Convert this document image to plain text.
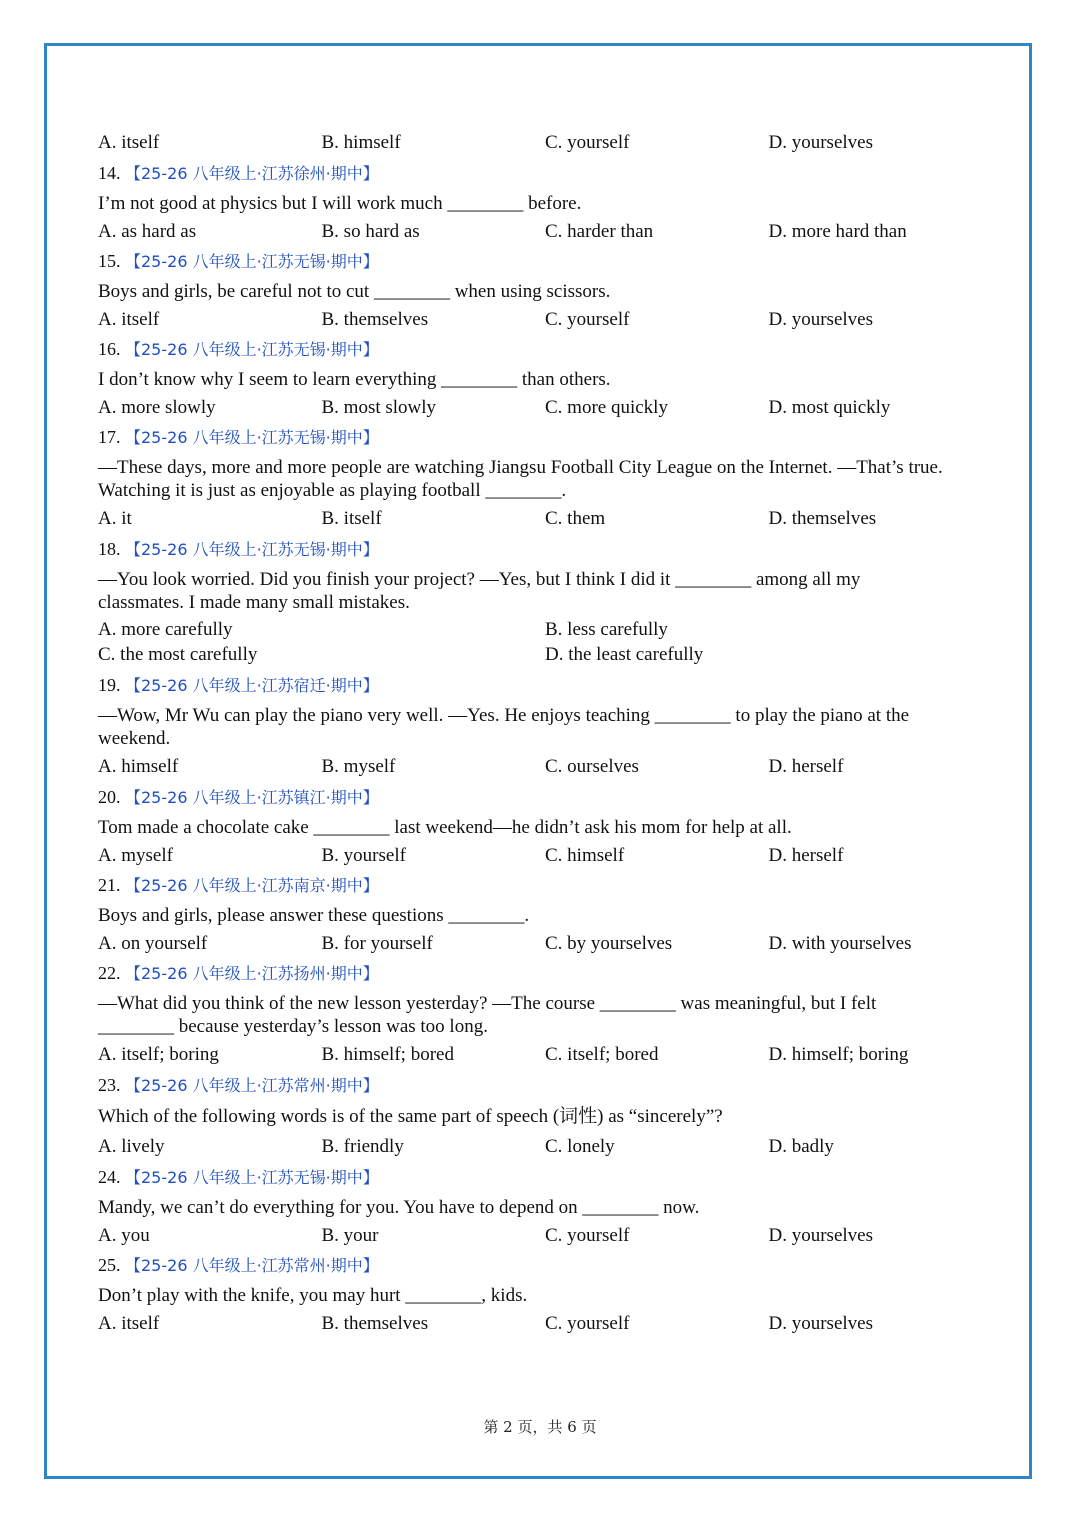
A. itself	B. himself	C. yourself	D. yourselves
14. 【25-26 八年级上·江苏徐州·期中】

I’m not good at physics but I will work much ________ before.

A. as hard as	B. so hard as	C. harder than	D. more hard than
15. 【25-26 八年级上·江苏无锡·期中】

Boys and girls, be careful not to cut ________ when using scissors.

A. itself	B. themselves	C. yourself	D. yourselves
16. 【25-26 八年级上·江苏无锡·期中】

I don’t know why I seem to learn everything ________ than others.

A. more slowly	B. most slowly	C. more quickly	D. most quickly
17. 【25-26 八年级上·江苏无锡·期中】

—These days, more and more people are watching Jiangsu Football City League on the Internet. —That’s true. Watching it is just as enjoyable as playing football ________.

A. it	B. itself	C. them	D. themselves
18. 【25-26 八年级上·江苏无锡·期中】

—You look worried. Did you finish your project? —Yes, but I think I did it ________ among all my classmates. I made many small mistakes.

A. more carefully	B. less carefully
C. the most carefully	D. the least carefully
19. 【25-26 八年级上·江苏宿迁·期中】

—Wow, Mr Wu can play the piano very well. —Yes. He enjoys teaching ________ to play the piano at the weekend.

A. himself	B. myself	C. ourselves	D. herself
20. 【25-26 八年级上·江苏镇江·期中】

Tom made a chocolate cake ________ last weekend—he didn’t ask his mom for help at all.

A. myself	B. yourself	C. himself	D. herself
21. 【25-26 八年级上·江苏南京·期中】

Boys and girls, please answer these questions ________.

A. on yourself	B. for yourself	C. by yourselves	D. with yourselves
22. 【25-26 八年级上·江苏扬州·期中】

—What did you think of the new lesson yesterday? —The course ________ was meaningful, but I felt ________ because yesterday’s lesson was too long.

A. itself; boring	B. himself; bored	C. itself; bored	D. himself; boring
23. 【25-26 八年级上·江苏常州·期中】

Which of the following words is of the same part of speech (词性) as “sincerely”?

A. lively	B. friendly	C. lonely	D. badly
24. 【25-26 八年级上·江苏无锡·期中】

Mandy, we can’t do everything for you. You have to depend on ________ now.

A. you	B. your	C. yourself	D. yourselves
25. 【25-26 八年级上·江苏常州·期中】

Don’t play with the knife, you may hurt ________, kids.

A. itself	B. themselves	C. yourself	D. yourselves
第 2 页，共 6 页
